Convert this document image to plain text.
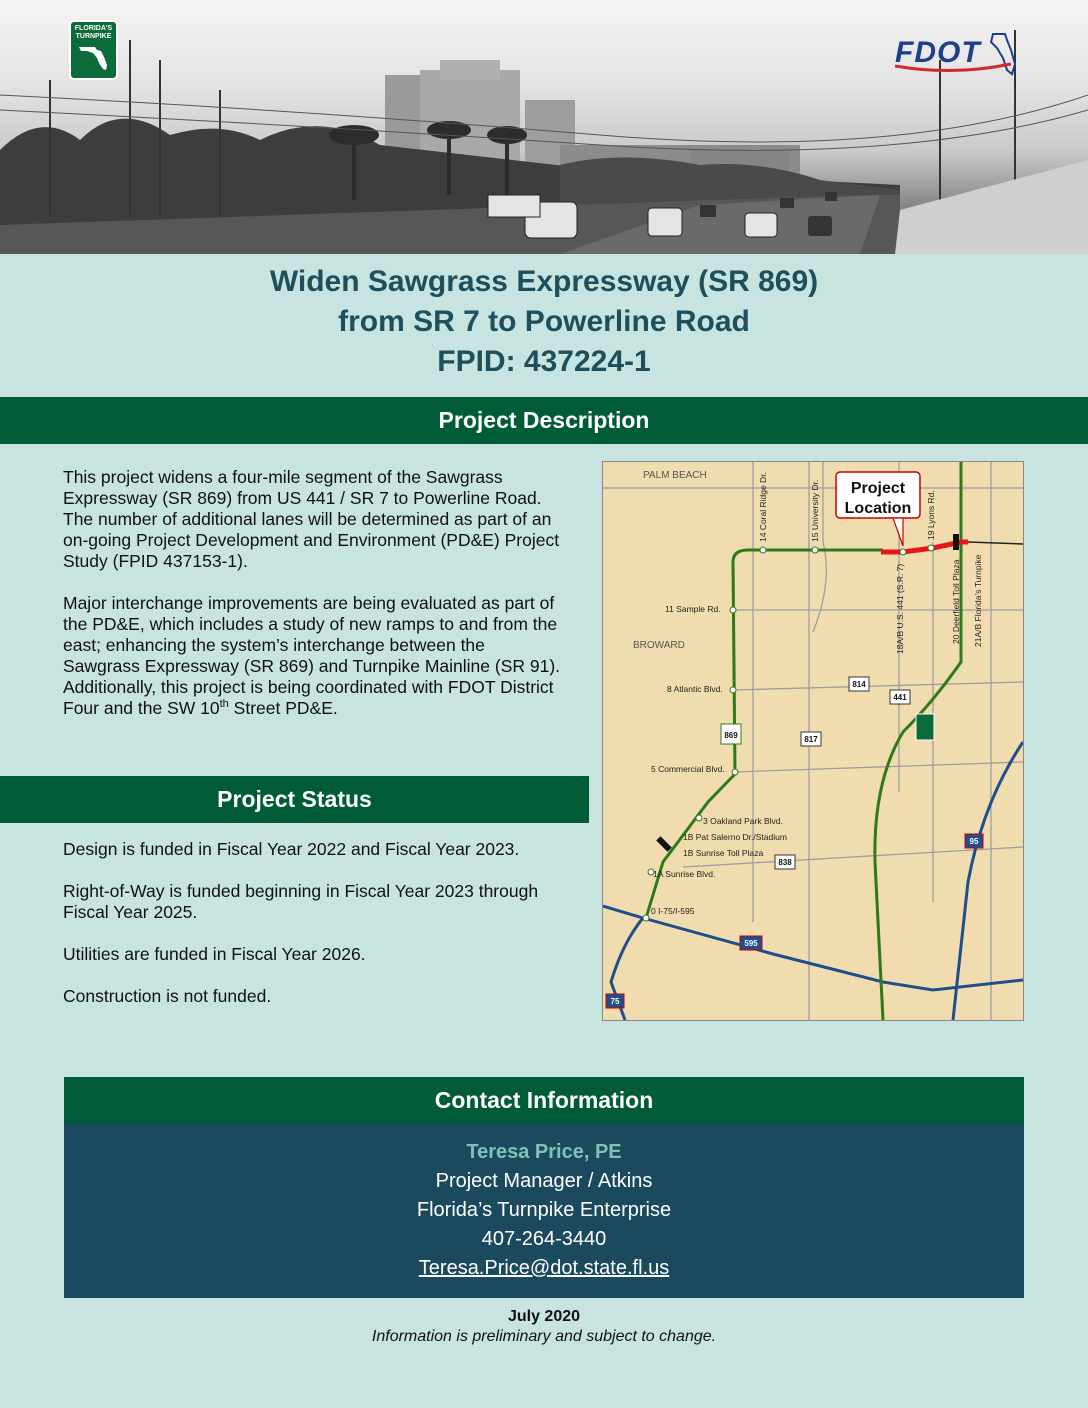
FLORIDA'S TURNPIKE	FDOT
Widen Sawgrass Expressway (SR 869)
from SR 7 to Powerline Road
FPID: 437224-1
Project Description

This project widens a four-mile segment of the Sawgrass Expressway (SR 869) from US 441 / SR 7 to Powerline Road. The number of additional lanes will be determined as part of an on-going Project Development and Environment (PD&E) Project Study (FPID 437153-1).

Major interchange improvements are being evaluated as part of the PD&E, which includes a study of new ramps to and from the east; enhancing the system’s interchange between the Sawgrass Expressway (SR 869) and Turnpike Mainline (SR 91). Additionally, this project is being coordinated with FDOT District Four and the SW 10th Street PD&E.

Project Status

Design is funded in Fiscal Year 2022 and Fiscal Year 2023.

Right-of-Way is funded beginning in Fiscal Year 2023 through Fiscal Year 2025.

Utilities are funded in Fiscal Year 2026.

Construction is not funded.

PALM BEACH
BROWARD
14 Coral Ridge Dr.	15 University Dr.
18A/B U.S. 441 (S.R. 7)
19 Lyons Rd.
20 Deerfield Toll Plaza 21A/B Florida’s Turnpike
11 Sample Rd.
8 Atlantic Blvd.
5 Commercial Blvd.
3 Oakland Park Blvd.
1B Pat Salerno Dr./Stadium
1B Sunrise Toll Plaza
1A Sunrise Blvd.
0 I-75/I-595
Project
Location
869
814
441
817
838
95
595
75
Contact Information
Teresa Price, PE
Project Manager / Atkins
Florida’s Turnpike Enterprise
407-264-3440
Teresa.Price@dot.state.fl.us
July 2020
Information is preliminary and subject to change.
